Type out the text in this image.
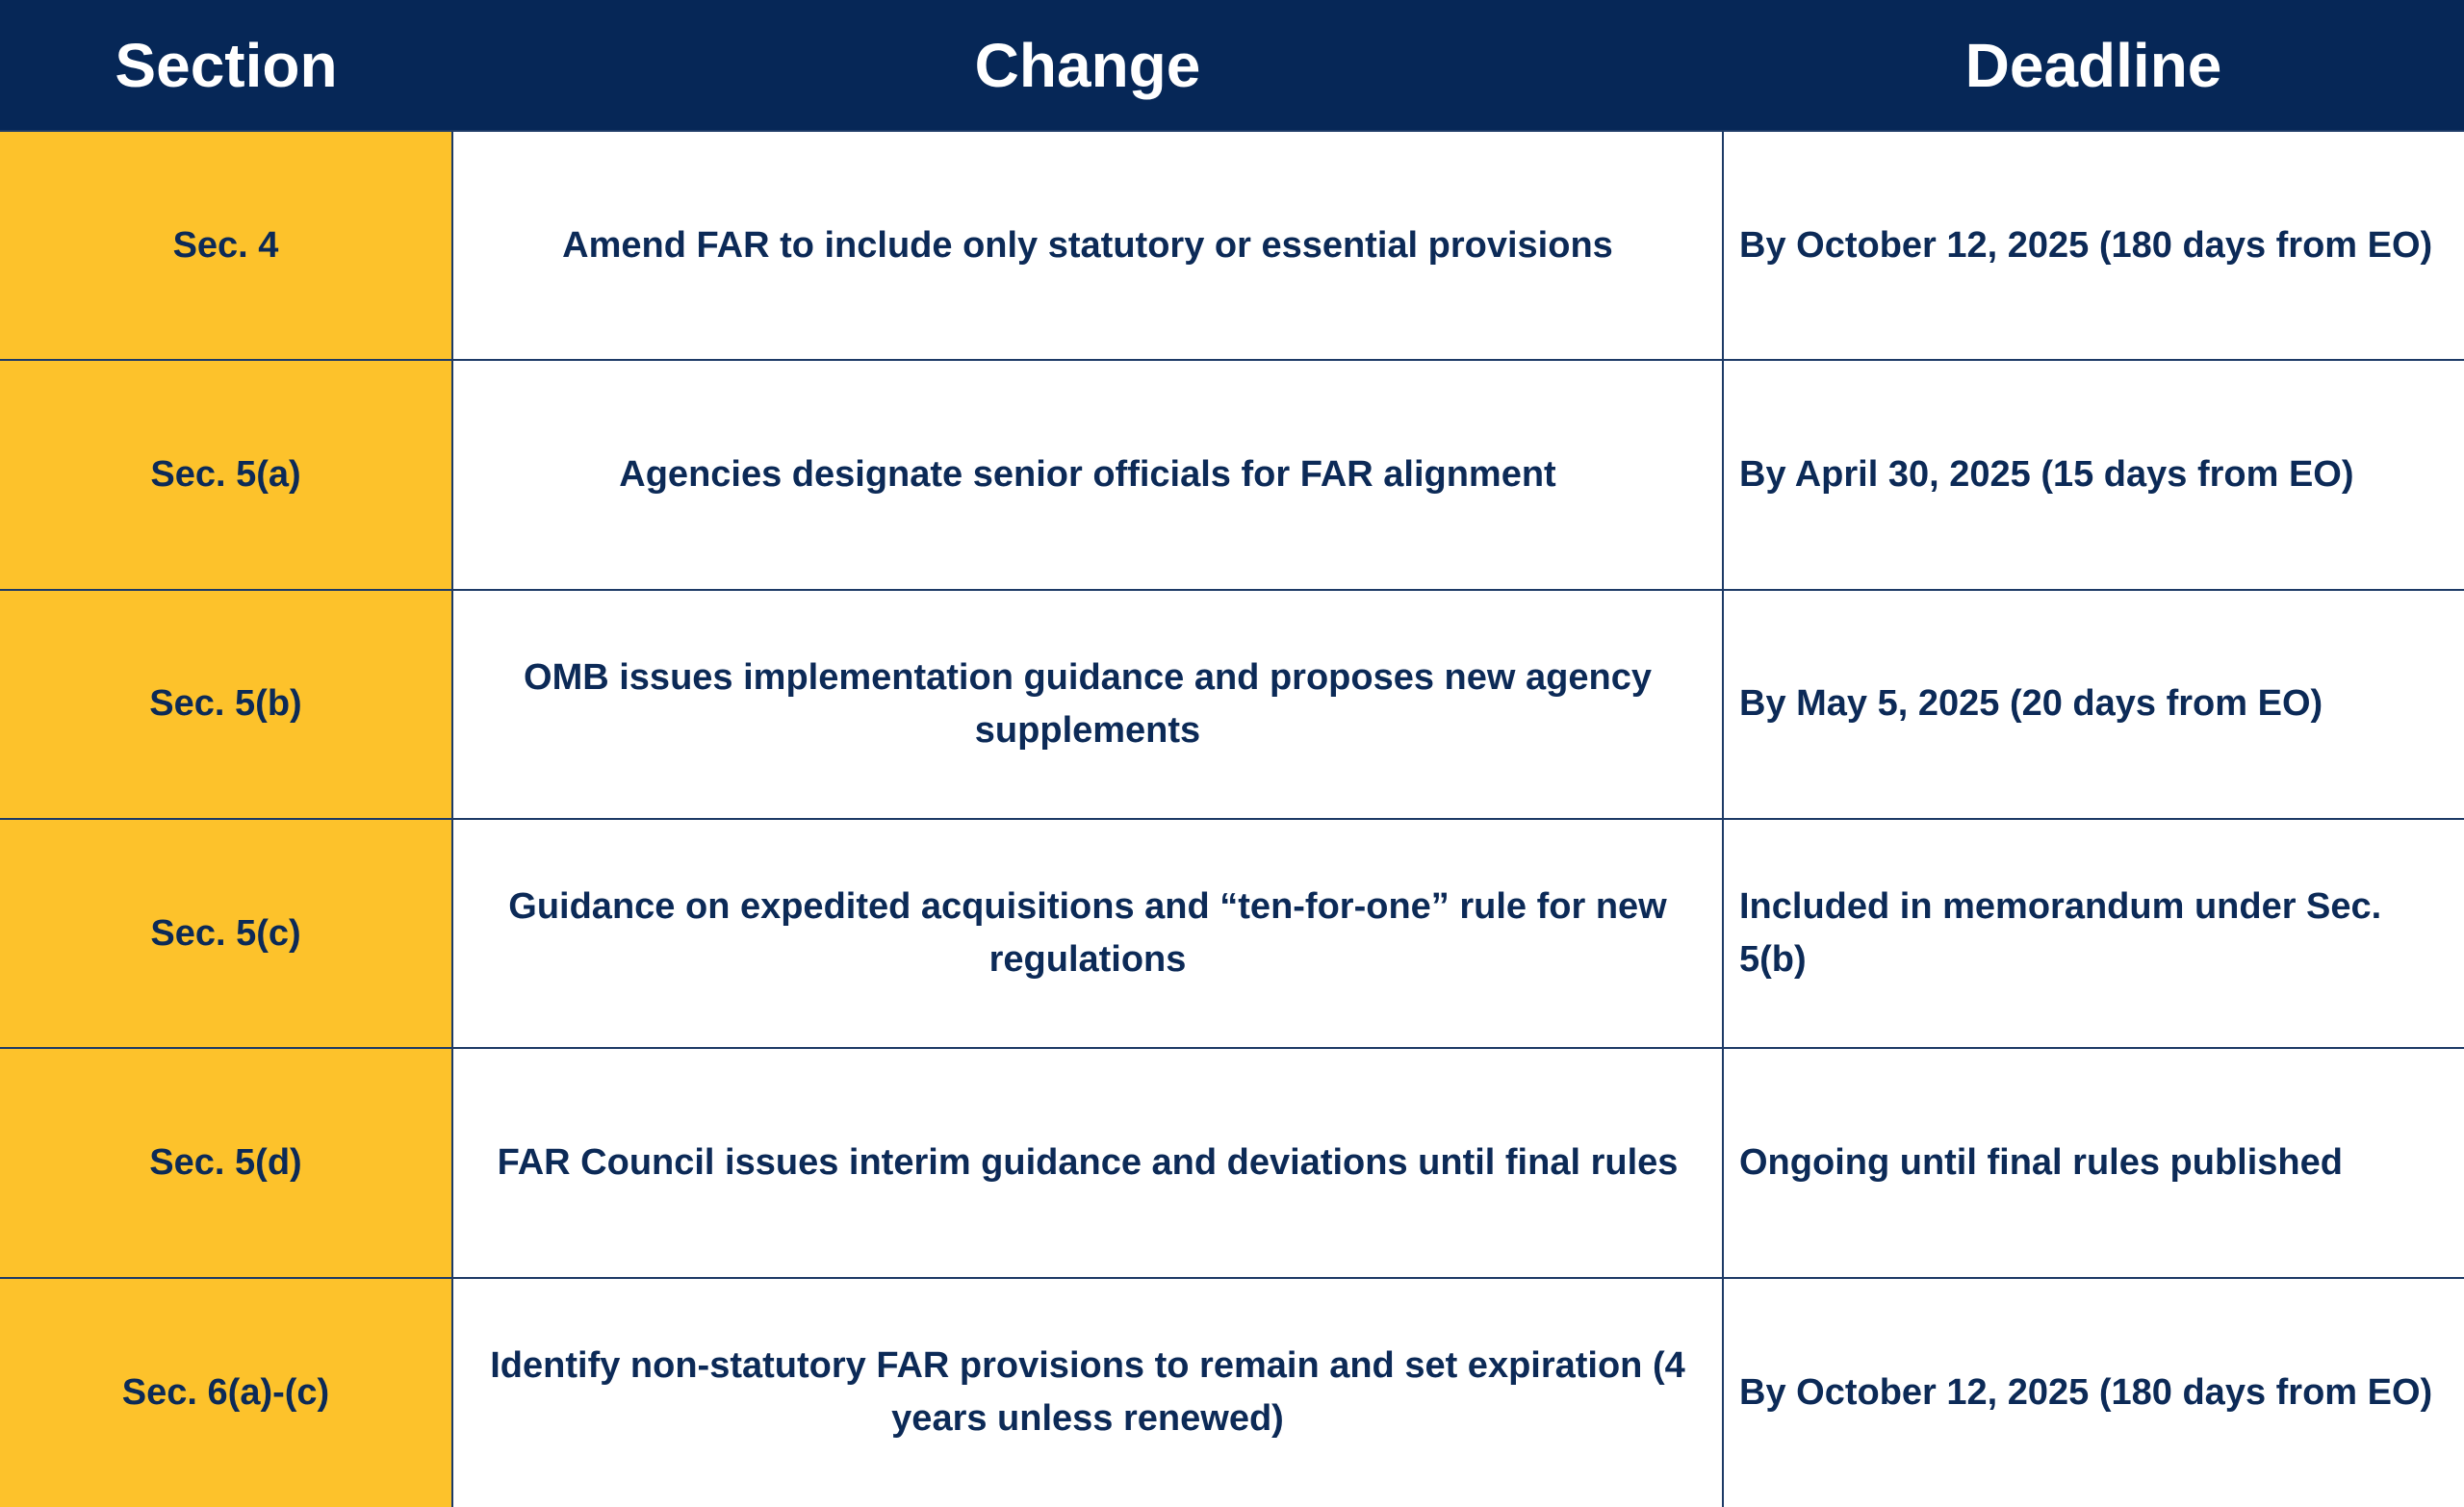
Section	Change	Deadline
Sec. 4	Amend FAR to include only statutory or essential provisions	By October 12, 2025 (180 days from EO)
Sec. 5(a)	Agencies designate senior officials for FAR alignment	By April 30, 2025 (15 days from EO)
Sec. 5(b)	OMB issues implementation guidance and proposes new agency supplements	By May 5, 2025 (20 days from EO)
Sec. 5(c)	Guidance on expedited acquisitions and “ten-for-one” rule for new regulations	Included in memorandum under Sec. 5(b)
Sec. 5(d)	FAR Council issues interim guidance and deviations until final rules	Ongoing until final rules published
Sec. 6(a)-(c)	Identify non-statutory FAR provisions to remain and set expiration (4 years unless renewed)	By October 12, 2025 (180 days from EO)
